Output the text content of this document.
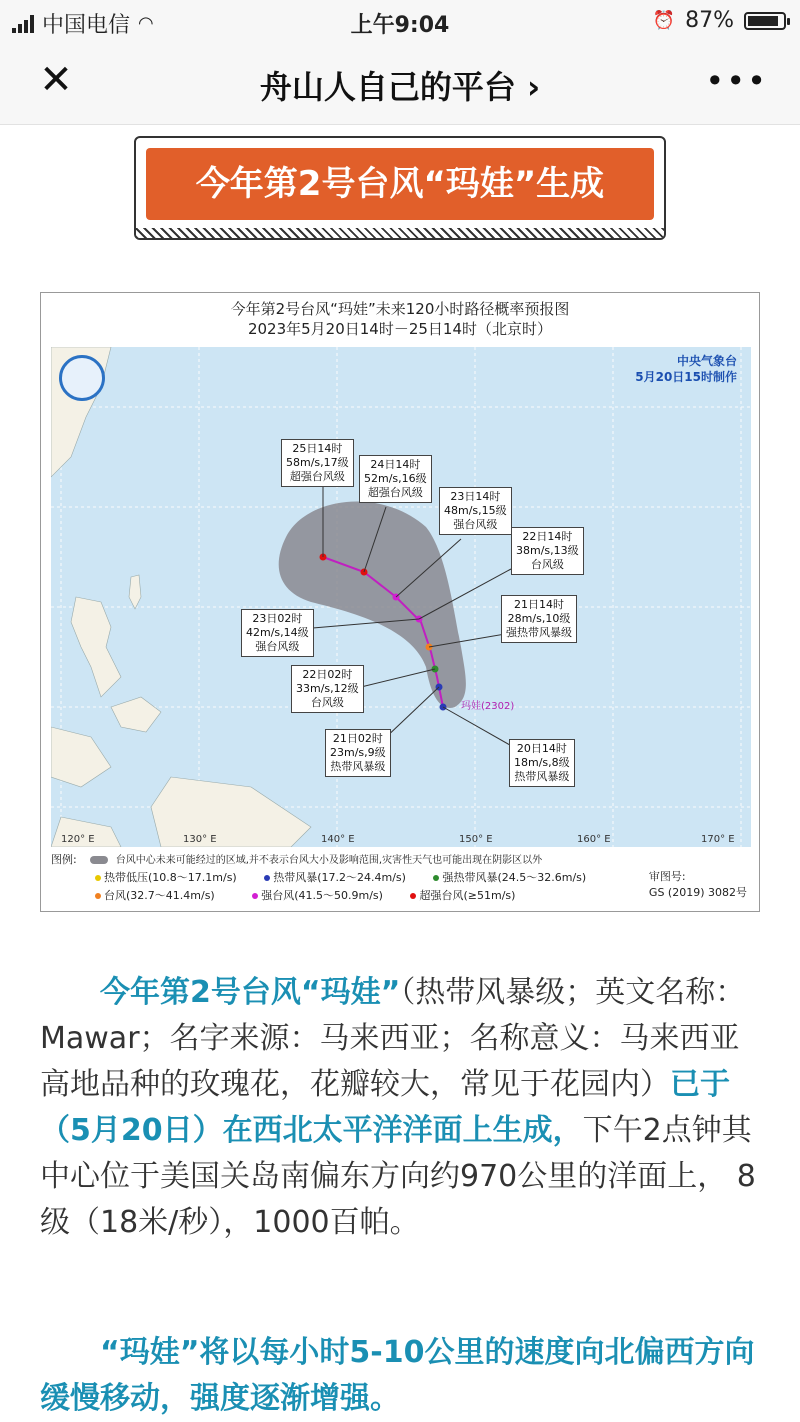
中国电信 ◠	上午9:04	⏰ 87%
✕	舟山人自己的平台 ›	•••
今年第2号台风“玛娃”生成
今年第2号台风“玛娃”未来120小时路径概率预报图
2023年5月20日14时－25日14时（北京时）
中央气象台
5月20日15时制作
玛娃(2302)
25日14时
58m/s,17级
超强台风级
24日14时
52m/s,16级
超强台风级	23日14时
48m/s,15级
强台风级
22日14时
38m/s,13级
台风级
21日14时
28m/s,10级
强热带风暴级
20日14时
18m/s,8级
热带风暴级
23日02时
42m/s,14级
强台风级
22日02时
33m/s,12级
台风级
21日02时
23m/s,9级
热带风暴级
120° E	130° E	140° E	150° E	160° E	170° E
图例:	台风中心未来可能经过的区域,并不表示台风大小及影响范围,灾害性天气也可能出现在阴影区以外
热带低压(10.8～17.1m/s)	热带风暴(17.2～24.4m/s)	强热带风暴(24.5～32.6m/s)
台风(32.7～41.4m/s)	强台风(41.5～50.9m/s)	超强台风(≥51m/s)
审图号:
GS (2019) 3082号
今年第2号台风“玛娃”（热带风暴级；英文名称：Mawar；名字来源：马来西亚；名称意义：马来西亚高地品种的玫瑰花，花瓣较大，常见于花园内）已于（5月20日）在西北太平洋洋面上生成，下午2点钟其中心位于美国关岛南偏东方向约970公里的洋面上， 8级（18米/秒），1000百帕。
“玛娃”将以每小时5-10公里的速度向北偏西方向缓慢移动，强度逐渐增强。
